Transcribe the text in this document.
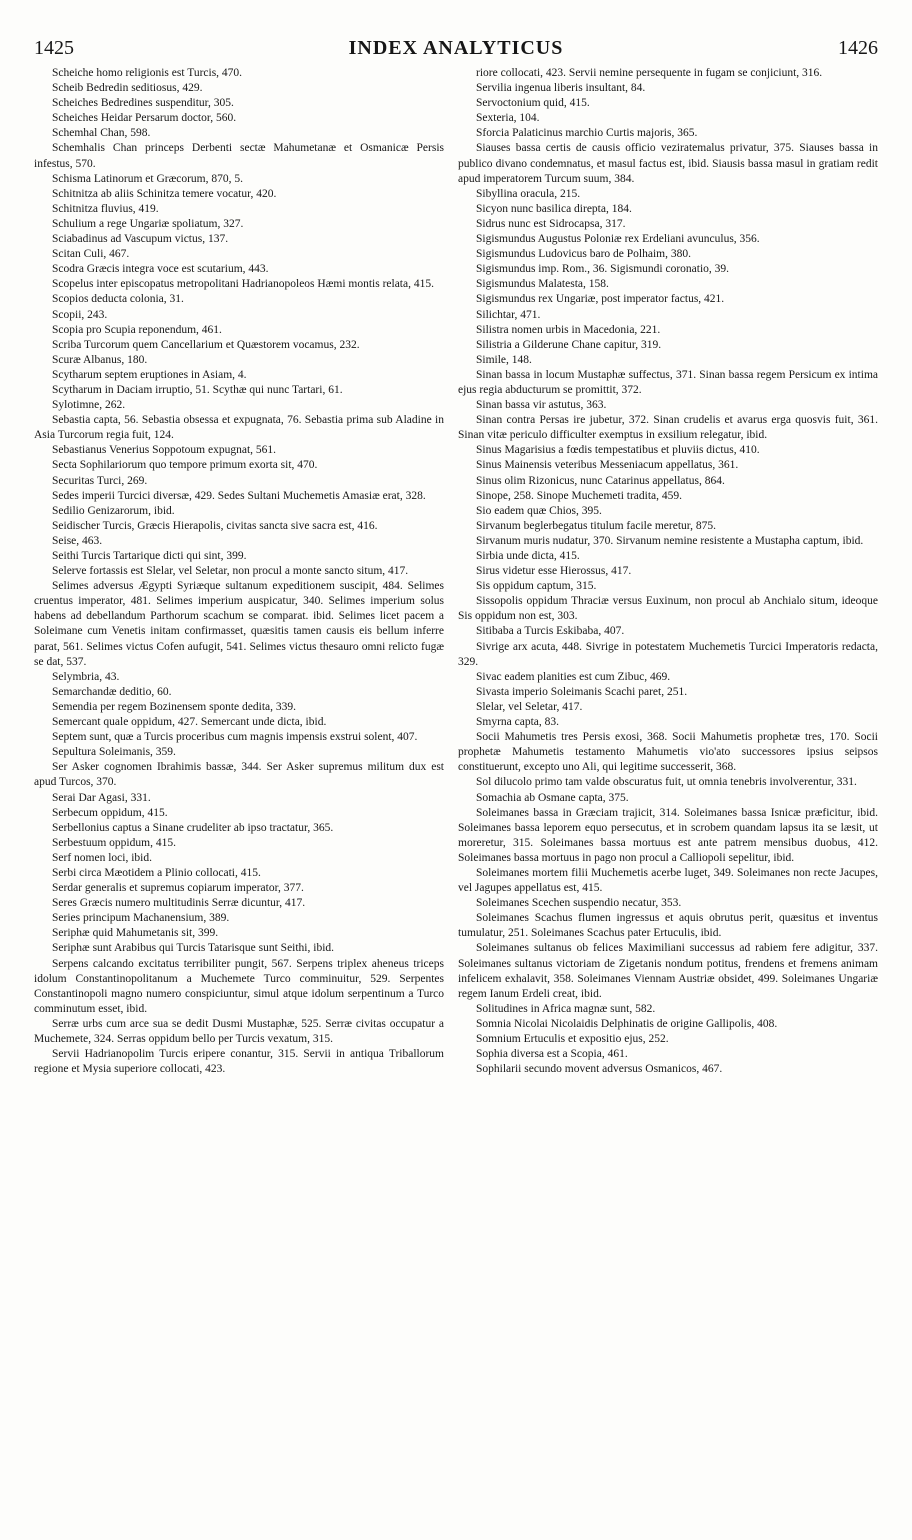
1425	INDEX ANALYTICUS	1426

Scheiche homo religionis est Turcis, 470.

Scheib Bedredin seditiosus, 429.

Scheiches Bedredines suspenditur, 305.

Scheiches Heidar Persarum doctor, 560.

Schemhal Chan, 598.

Schemhalis Chan princeps Derbenti sectæ Mahumetanæ et Osmanicæ Persis infestus, 570.

Schisma Latinorum et Græcorum, 870, 5.

Schitnitza ab aliis Schinitza temere vocatur, 420.

Schitnitza fluvius, 419.

Schulium a rege Ungariæ spoliatum, 327.

Sciabadinus ad Vascupum victus, 137.

Scitan Culi, 467.

Scodra Græcis integra voce est scutarium, 443.

Scopelus inter episcopatus metropolitani Hadrianopoleos Hæmi montis relata, 415.

Scopios deducta colonia, 31.

Scopii, 243.

Scopia pro Scupia reponendum, 461.

Scriba Turcorum quem Cancellarium et Quæstorem vocamus, 232.

Scuræ Albanus, 180.

Scytharum septem eruptiones in Asiam, 4.

Scytharum in Daciam irruptio, 51. Scythæ qui nunc Tartari, 61.

Sylotimne, 262.

Sebastia capta, 56. Sebastia obsessa et expugnata, 76. Sebastia prima sub Aladine in Asia Turcorum regia fuit, 124.

Sebastianus Venerius Soppotoum expugnat, 561.

Secta Sophilariorum quo tempore primum exorta sit, 470.

Securitas Turci, 269.

Sedes imperii Turcici diversæ, 429. Sedes Sultani Muchemetis Amasiæ erat, 328.

Sedilio Genizarorum, ibid.

Seidischer Turcis, Græcis Hierapolis, civitas sancta sive sacra est, 416.

Seise, 463.

Seithi Turcis Tartarique dicti qui sint, 399.

Selerve fortassis est Slelar, vel Seletar, non procul a monte sancto situm, 417.

Selimes adversus Ægypti Syriæque sultanum expeditionem suscipit, 484. Selimes cruentus imperator, 481. Selimes imperium auspicatur, 340. Selimes imperium solus habens ad debellandum Parthorum scachum se comparat. ibid. Selimes licet pacem a Soleimane cum Venetis initam confirmasset, quæsitis tamen causis eis bellum inferre parat, 561. Selimes victus Cofen aufugit, 541. Selimes victus thesauro omni relicto fugæ se dat, 537.

Selymbria, 43.

Semarchandæ deditio, 60.

Semendia per regem Bozinensem sponte dedita, 339.

Semercant quale oppidum, 427. Semercant unde dicta, ibid.

Septem sunt, quæ a Turcis proceribus cum magnis impensis exstrui solent, 407.

Sepultura Soleimanis, 359.

Ser Asker cognomen Ibrahimis bassæ, 344. Ser Asker supremus militum dux est apud Turcos, 370.

Serai Dar Agasi, 331.

Serbecum oppidum, 415.

Serbellonius captus a Sinane crudeliter ab ipso tractatur, 365.

Serbestuum oppidum, 415.

Serf nomen loci, ibid.

Serbi circa Mæotidem a Plinio collocati, 415.

Serdar generalis et supremus copiarum imperator, 377.

Seres Græcis numero multitudinis Serræ dicuntur, 417.

Series principum Machanensium, 389.

Seriphæ quid Mahumetanis sit, 399.

Seriphæ sunt Arabibus qui Turcis Tatarisque sunt Seithi, ibid.

Serpens calcando excitatus terribiliter pungit, 567. Serpens triplex aheneus triceps idolum Constantinopolitanum a Muchemete Turco comminuitur, 529. Serpentes Constantinopoli magno numero conspiciuntur, simul atque idolum serpentinum a Turco comminutum esset, ibid.

Serræ urbs cum arce sua se dedit Dusmi Mustaphæ, 525. Serræ civitas occupatur a Muchemete, 324. Serras oppidum bello per Turcis vexatum, 315.

Servii Hadrianopolim Turcis eripere conantur, 315. Servii in antiqua Triballorum regione et Mysia superiore collocati, 423.

riore collocati, 423. Servii nemine persequente in fugam se conjiciunt, 316.

Servilia ingenua liberis insultant, 84.

Servoctonium quid, 415.

Sexteria, 104.

Sforcia Palaticinus marchio Curtis majoris, 365.

Siauses bassa certis de causis officio veziratemalus privatur, 375. Siauses bassa in publico divano condemnatus, et masul factus est, ibid. Siausis bassa masul in gratiam redit apud imperatorem Turcum suum, 384.

Sibyllina oracula, 215.

Sicyon nunc basilica direpta, 184.

Sidrus nunc est Sidrocapsa, 317.

Sigismundus Augustus Poloniæ rex Erdeliani avunculus, 356.

Sigismundus Ludovicus baro de Polhaim, 380.

Sigismundus imp. Rom., 36. Sigismundi coronatio, 39.

Sigismundus Malatesta, 158.

Sigismundus rex Ungariæ, post imperator factus, 421.

Silichtar, 471.

Silistra nomen urbis in Macedonia, 221.

Silistria a Gilderune Chane capitur, 319.

Simile, 148.

Sinan bassa in locum Mustaphæ suffectus, 371. Sinan bassa regem Persicum ex intima ejus regia abducturum se promittit, 372.

Sinan bassa vir astutus, 363.

Sinan contra Persas ire jubetur, 372. Sinan crudelis et avarus erga quosvis fuit, 361. Sinan vitæ periculo difficulter exemptus in exsilium relegatur, ibid.

Sinus Magarisius a fœdis tempestatibus et pluviis dictus, 410.

Sinus Mainensis veteribus Messeniacum appellatus, 361.

Sinus olim Rizonicus, nunc Catarinus appellatus, 864.

Sinope, 258. Sinope Muchemeti tradita, 459.

Sio eadem quæ Chios, 395.

Sirvanum beglerbegatus titulum facile meretur, 875.

Sirvanum muris nudatur, 370. Sirvanum nemine resistente a Mustapha captum, ibid.

Sirbia unde dicta, 415.

Sirus videtur esse Hierossus, 417.

Sis oppidum captum, 315.

Sissopolis oppidum Thraciæ versus Euxinum, non procul ab Anchialo situm, ideoque Sis oppidum non est, 303.

Sitibaba a Turcis Eskibaba, 407.

Sivrige arx acuta, 448. Sivrige in potestatem Muchemetis Turcici Imperatoris redacta, 329.

Sivac eadem planities est cum Zibuc, 469.

Sivasta imperio Soleimanis Scachi paret, 251.

Slelar, vel Seletar, 417.

Smyrna capta, 83.

Socii Mahumetis tres Persis exosi, 368. Socii Mahumetis prophetæ tres, 170. Socii prophetæ Mahumetis testamento Mahumetis vio'ato successores ipsius seipsos constituerunt, excepto uno Ali, qui legitime successerit, 368.

Sol dilucolo primo tam valde obscuratus fuit, ut omnia tenebris involverentur, 331.

Somachia ab Osmane capta, 375.

Soleimanes bassa in Græciam trajicit, 314. Soleimanes bassa Isnicæ præficitur, ibid. Soleimanes bassa leporem equo persecutus, et in scrobem quandam lapsus ita se læsit, ut moreretur, 315. Soleimanes bassa mortuus est ante patrem mensibus duobus, 412. Soleimanes bassa mortuus in pago non procul a Calliopoli sepelitur, ibid.

Soleimanes mortem filii Muchemetis acerbe luget, 349. Soleimanes non recte Jacupes, vel Jagupes appellatus est, 415.

Soleimanes Scechen suspendio necatur, 353.

Soleimanes Scachus flumen ingressus et aquis obrutus perit, quæsitus et inventus tumulatur, 251. Soleimanes Scachus pater Ertuculis, ibid.

Soleimanes sultanus ob felices Maximiliani successus ad rabiem fere adigitur, 337. Soleimanes sultanus victoriam de Zigetanis nondum potitus, frendens et fremens animam infelicem exhalavit, 358. Soleimanes Viennam Austriæ obsidet, 499. Soleimanes Ungariæ regem Ianum Erdeli creat, ibid.

Solitudines in Africa magnæ sunt, 582.

Somnia Nicolai Nicolaidis Delphinatis de origine Gallipolis, 408.

Somnium Ertuculis et expositio ejus, 252.

Sophia diversa est a Scopia, 461.

Sophilarii secundo movent adversus Osmanicos, 467.
